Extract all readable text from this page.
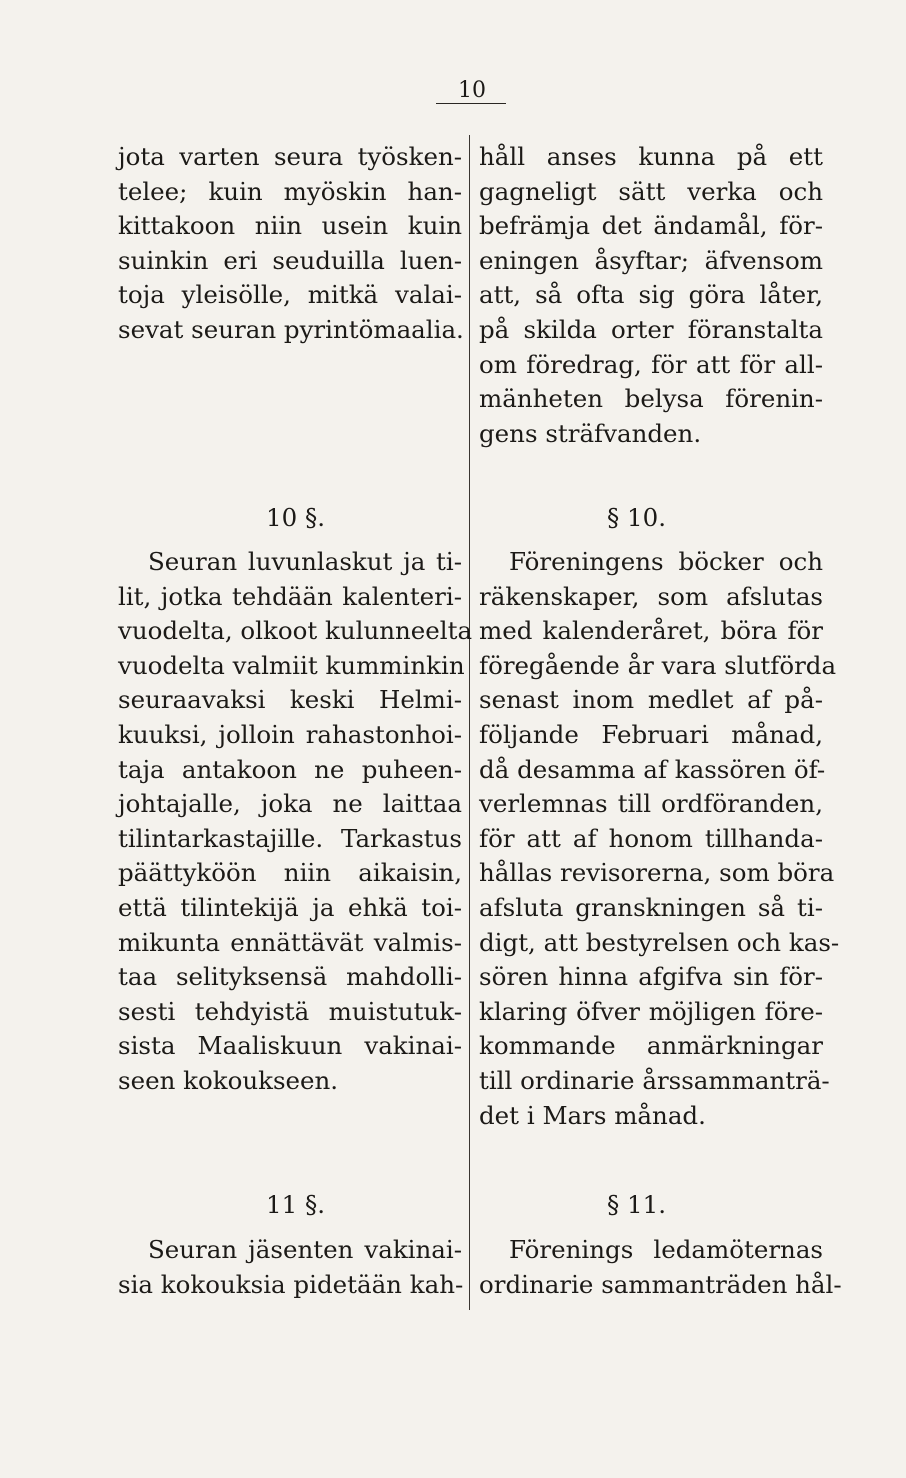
10
jota varten seura työsken-
telee; kuin myöskin han-
kittakoon niin usein kuin
suinkin eri seuduilla luen-
toja yleisölle, mitkä valai-
sevat seuran pyrintömaalia.
10 §.
Seuran luvunlaskut ja ti-
lit, jotka tehdään kalenteri-
vuodelta, olkoot kulunneelta
vuodelta valmiit kumminkin
seuraavaksi keski Helmi-
kuuksi, jolloin rahastonhoi-
taja antakoon ne puheen-
johtajalle, joka ne laittaa
tilintarkastajille. Tarkastus
päättyköön niin aikaisin,
että tilintekijä ja ehkä toi-
mikunta ennättävät valmis-
taa selityksensä mahdolli-
sesti tehdyistä muistutuk-
sista Maaliskuun vakinai-
seen kokoukseen.
11 §.
Seuran jäsenten vakinai-
sia kokouksia pidetään kah-
håll anses kunna på ett
gagneligt sätt verka och
befrämja det ändamål, för-
eningen åsyftar; äfvensom
att, så ofta sig göra låter,
på skilda orter föranstalta
om föredrag, för att för all-
mänheten belysa förenin-
gens sträfvanden.
§ 10.
Föreningens böcker och
räkenskaper, som afslutas
med kalenderåret, böra för
föregående år vara slutförda
senast inom medlet af på-
följande Februari månad,
då desamma af kassören öf-
verlemnas till ordföranden,
för att af honom tillhanda-
hållas revisorerna, som böra
afsluta granskningen så ti-
digt, att bestyrelsen och kas-
sören hinna afgifva sin för-
klaring öfver möjligen före-
kommande anmärkningar
till ordinarie årssammanträ-
det i Mars månad.
§ 11.
Förenings ledamöternas
ordinarie sammanträden hål-
